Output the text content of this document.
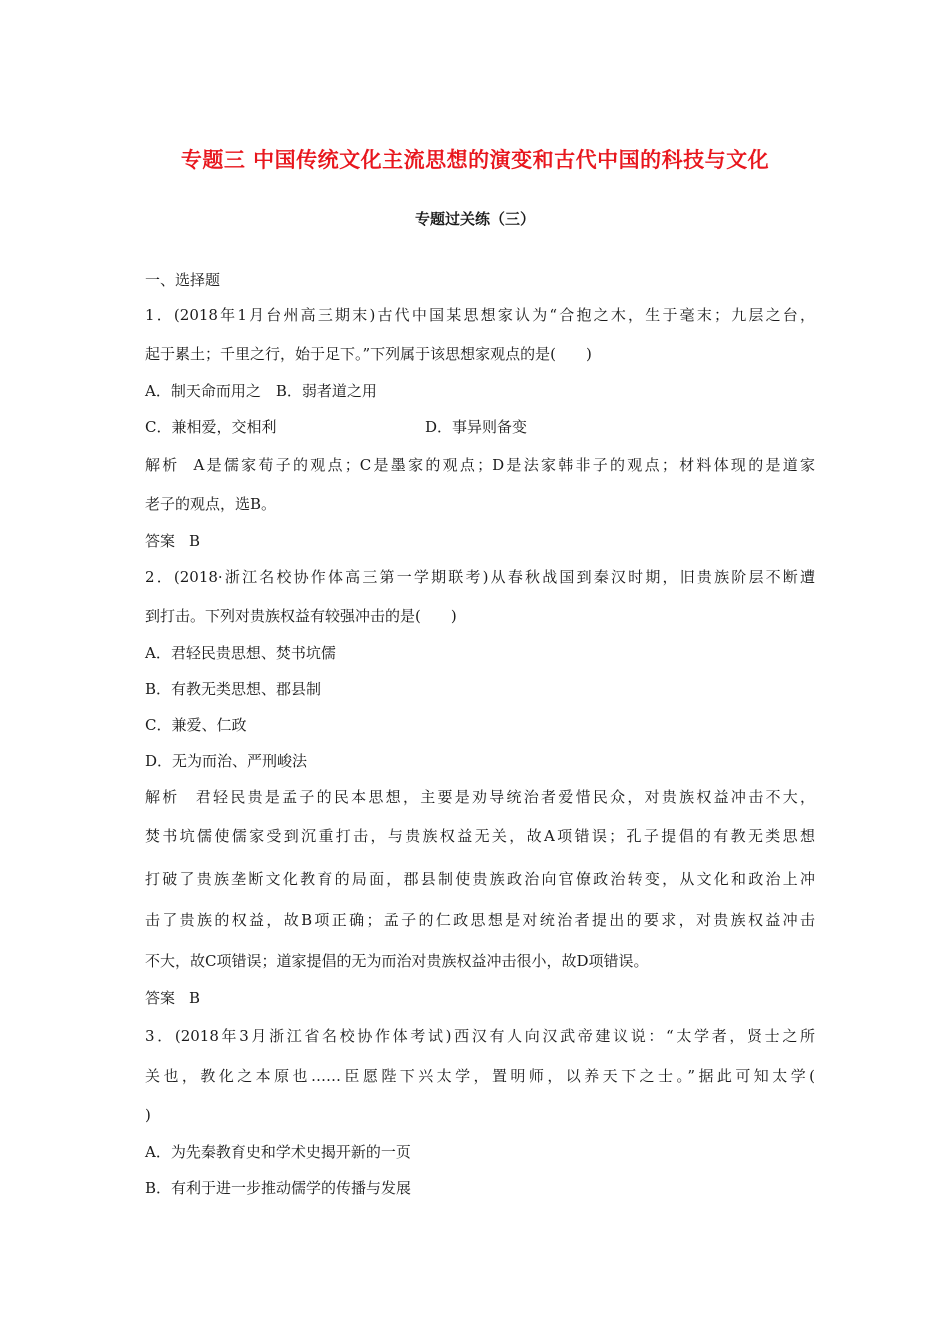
专题三 中国传统文化主流思想的演变和古代中国的科技与文化
专题过关练（三）
一、选择题
1．(2018年1月台州高三期末)古代中国某思想家认为“合抱之木，生于毫末；九层之台，
起于累土；千里之行，始于足下。”下列属于该思想家观点的是(　　)
A．制天命而用之　B．弱者道之用
C．兼相爱，交相利	D．事异则备变
解析 A是儒家荀子的观点；C是墨家的观点；D是法家韩非子的观点；材料体现的是道家
老子的观点，选B。
答案 B
2．(2018·浙江名校协作体高三第一学期联考)从春秋战国到秦汉时期，旧贵族阶层不断遭
到打击。下列对贵族权益有较强冲击的是(　　)
A．君轻民贵思想、焚书坑儒
B．有教无类思想、郡县制
C．兼爱、仁政
D．无为而治、严刑峻法
解析 君轻民贵是孟子的民本思想，主要是劝导统治者爱惜民众，对贵族权益冲击不大，
焚书坑儒使儒家受到沉重打击，与贵族权益无关，故A项错误；孔子提倡的有教无类思想
打破了贵族垄断文化教育的局面，郡县制使贵族政治向官僚政治转变，从文化和政治上冲
击了贵族的权益，故B项正确；孟子的仁政思想是对统治者提出的要求，对贵族权益冲击
不大，故C项错误；道家提倡的无为而治对贵族权益冲击很小，故D项错误。
答案 B
3．(2018年3月浙江省名校协作体考试)西汉有人向汉武帝建议说：“太学者，贤士之所
关也，教化之本原也……臣愿陛下兴太学，置明师，以养天下之士。”据此可知太学(
)
A．为先秦教育史和学术史揭开新的一页
B．有利于进一步推动儒学的传播与发展
